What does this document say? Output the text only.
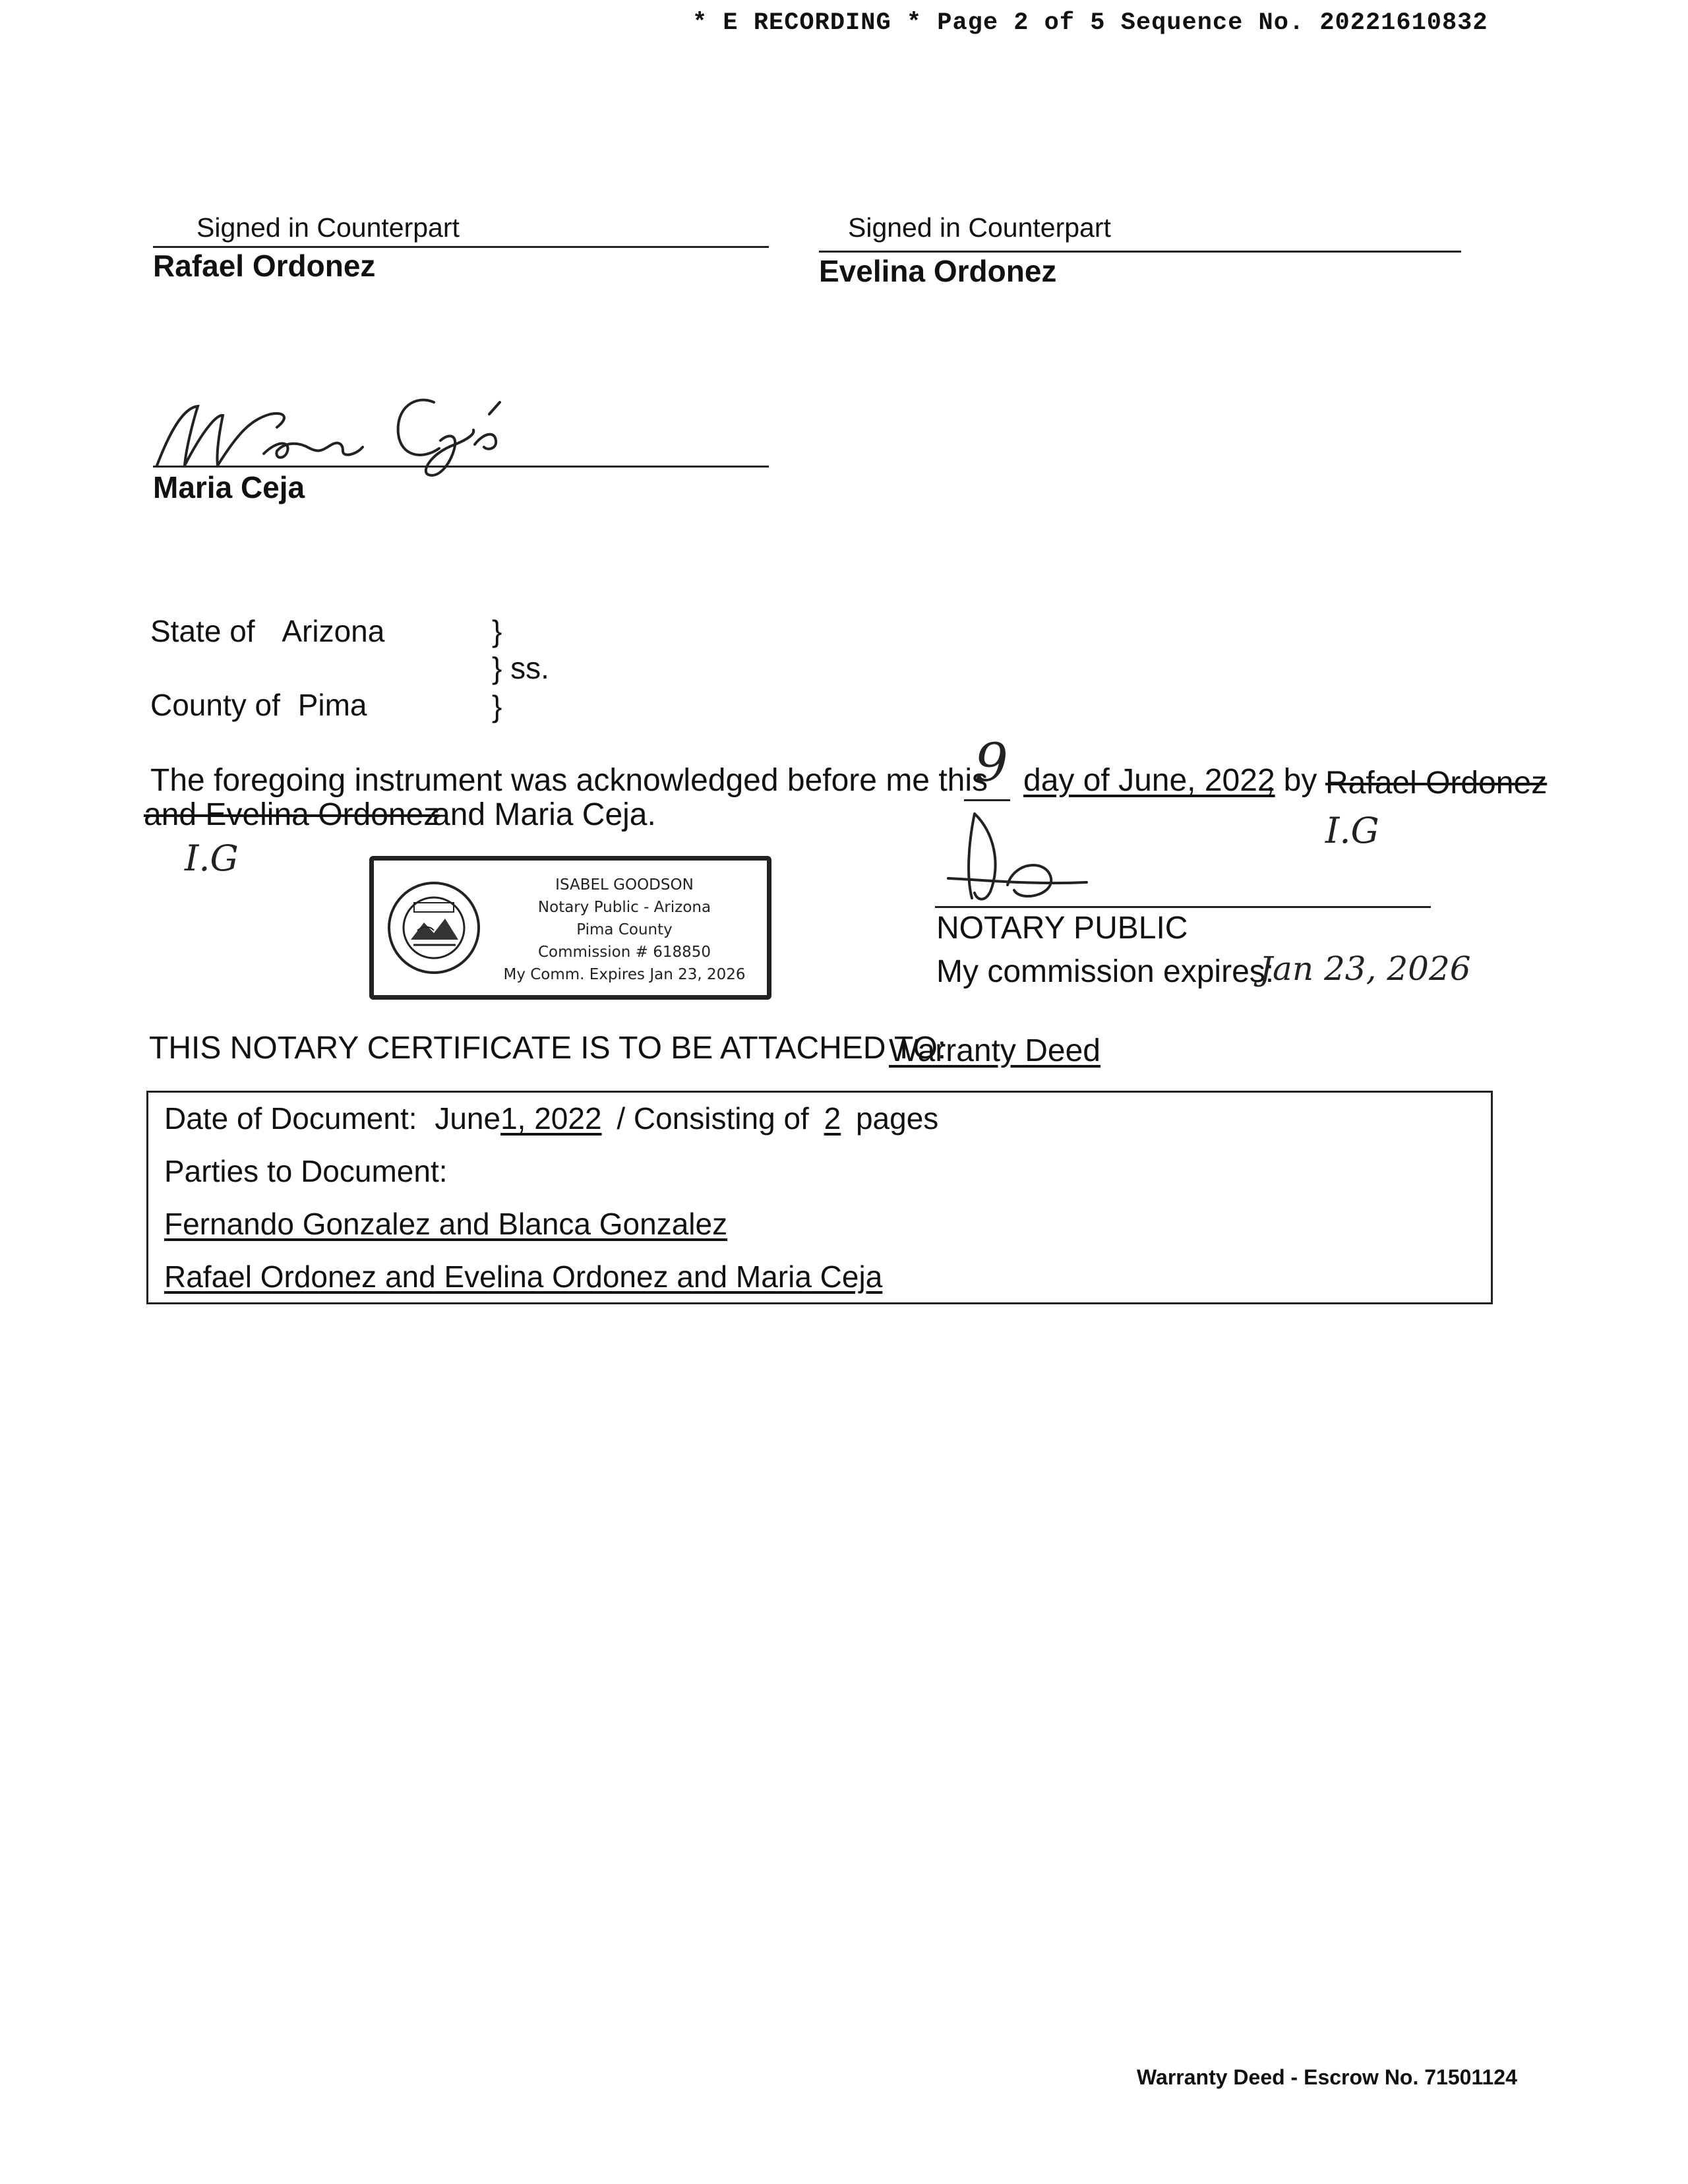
* E RECORDING * Page 2 of 5 Sequence No. 20221610832
Signed in Counterpart
Rafael Ordonez
Signed in Counterpart
Evelina Ordonez
Maria Ceja
State of Arizona	}
} ss.
County of Pima	}
The foregoing instrument was acknowledged before me this
9 day of June, 2022
, by Rafael Ordonez
and Evelina Ordonez
and Maria Ceja.
I.G
I.G
ISABEL GOODSON
Notary Public - Arizona
Pima County
Commission # 618850
My Comm. Expires Jan 23, 2026
NOTARY PUBLIC
My commission expires:
Jan 23, 2026
THIS NOTARY CERTIFICATE IS TO BE ATTACHED TO:
Warranty Deed
Date of Document: June1, 2022 / Consisting of 2 pages
Parties to Document:
Fernando Gonzalez and Blanca Gonzalez
Rafael Ordonez and Evelina Ordonez and Maria Ceja
Warranty Deed - Escrow No. 71501124
